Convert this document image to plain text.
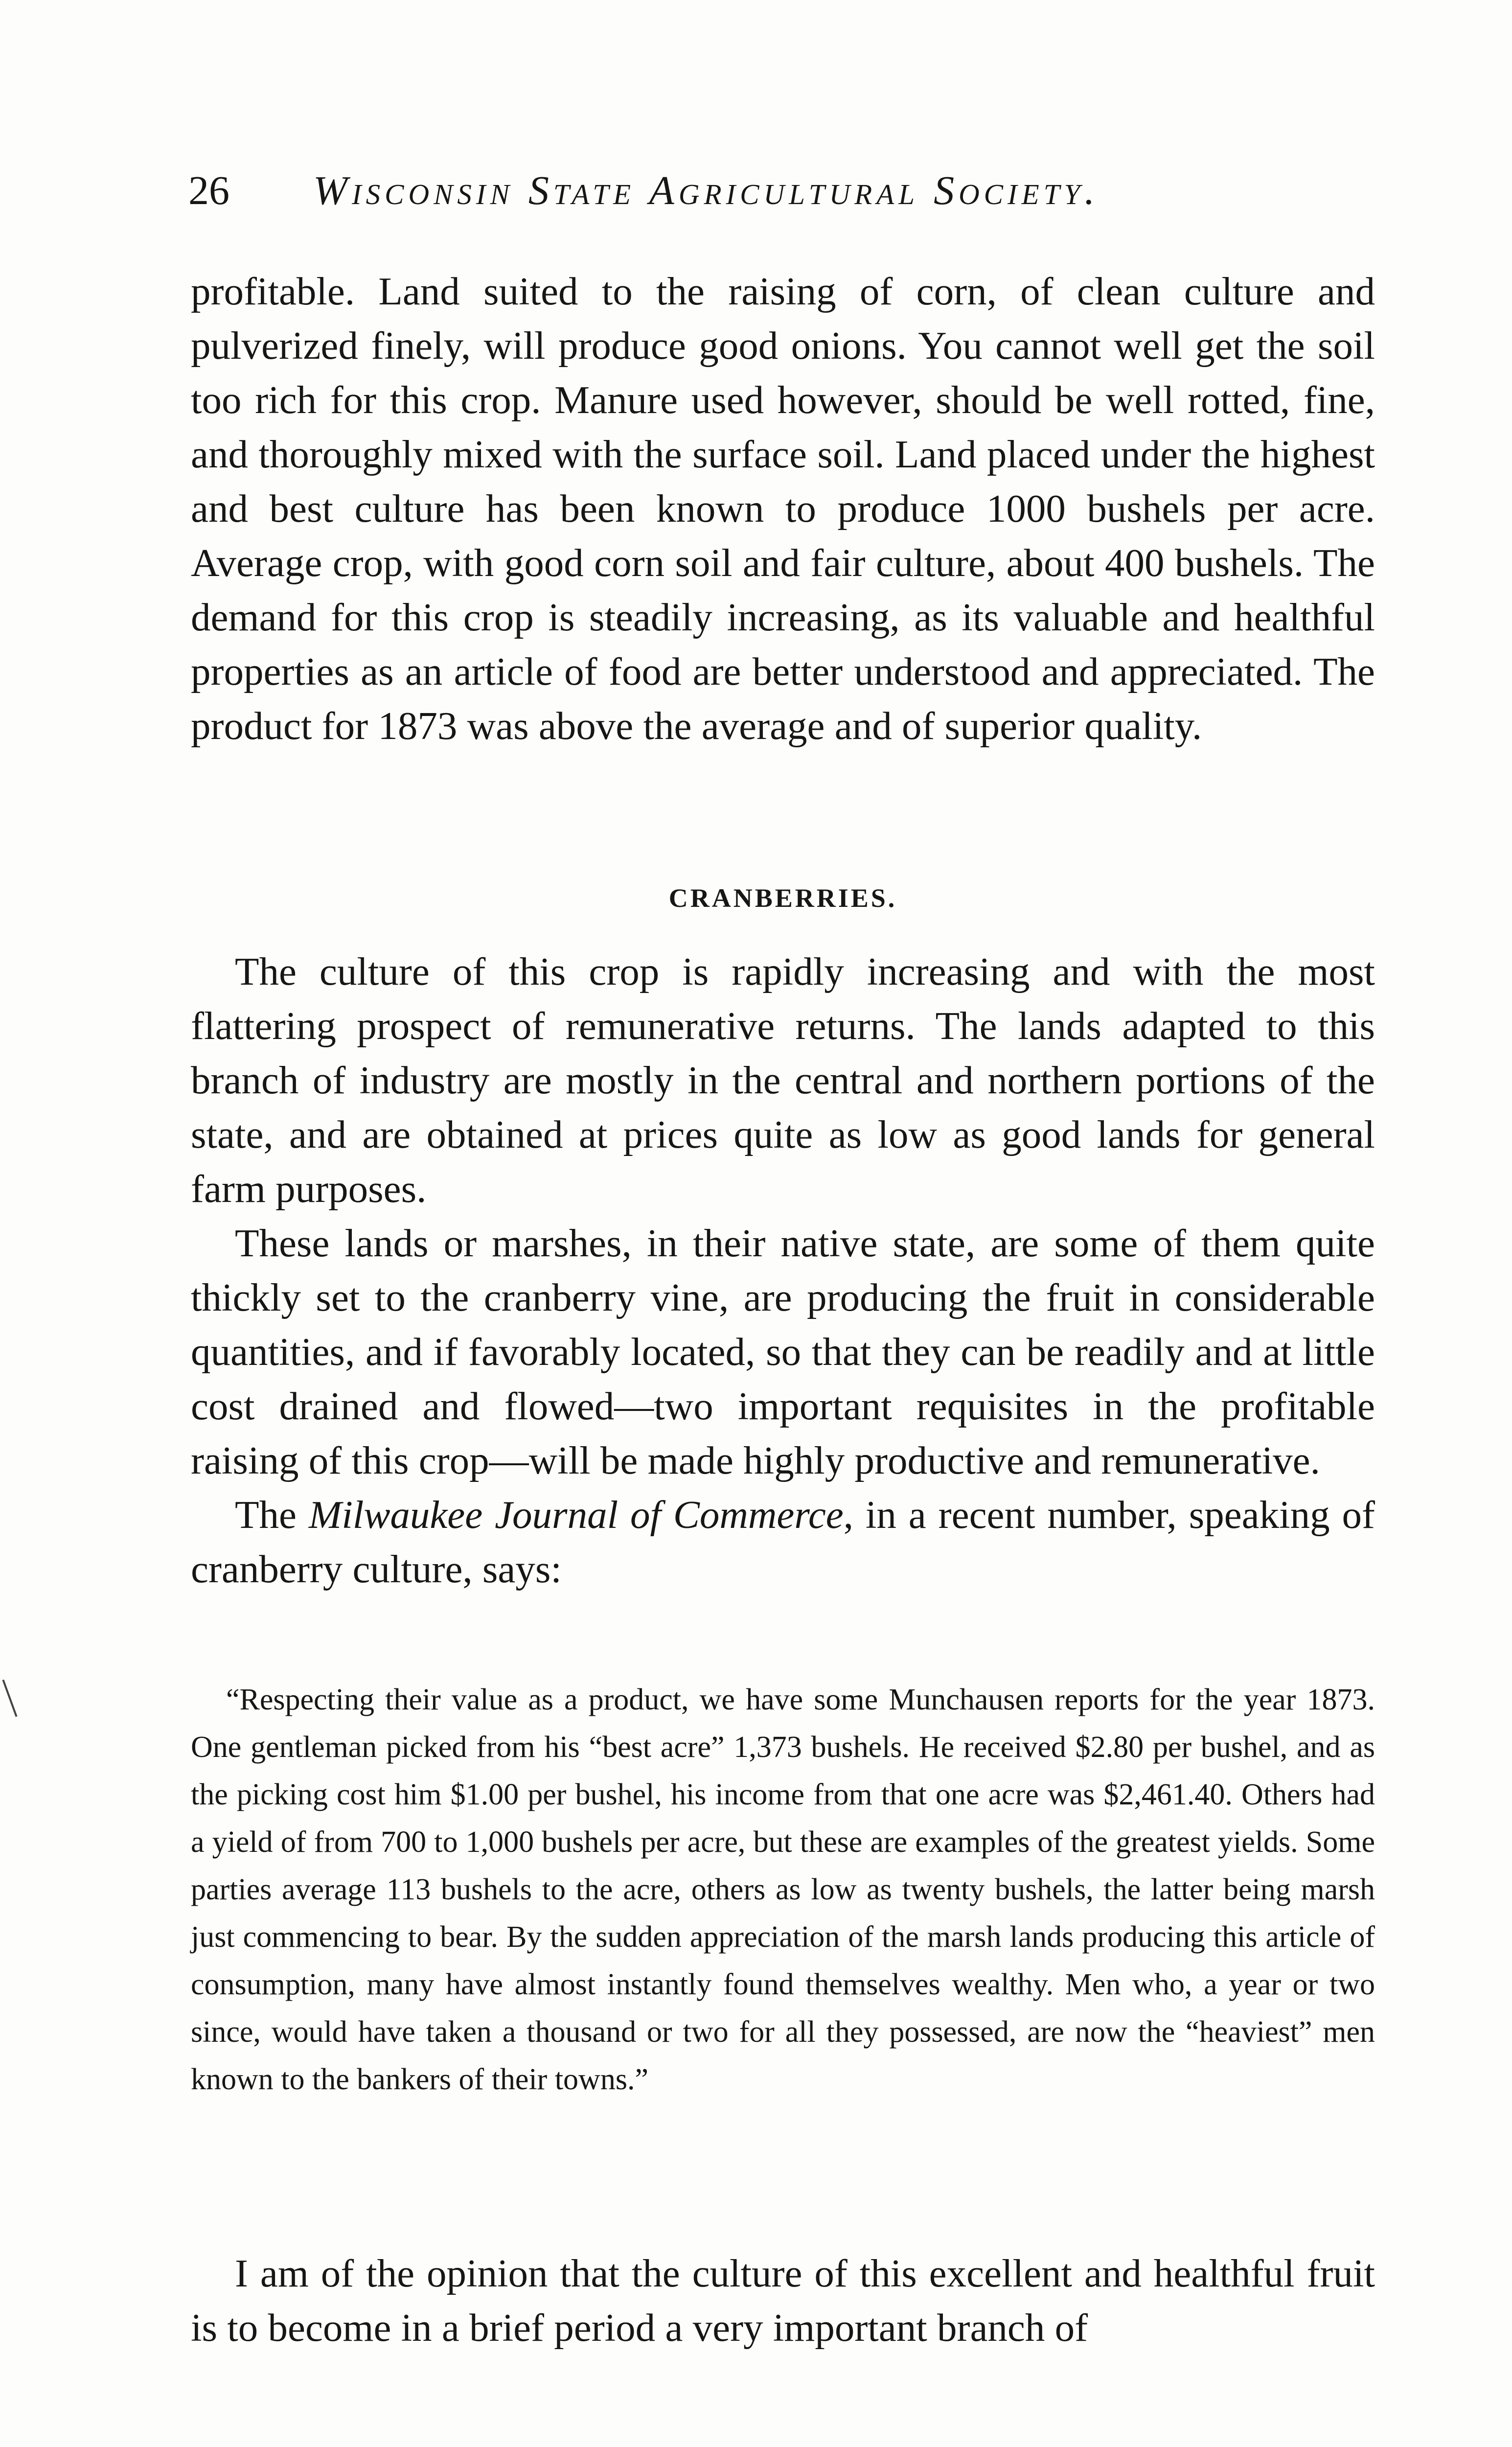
26 Wisconsin State Agricultural Society.

profitable. Land suited to the raising of corn, of clean culture and pulverized finely, will produce good onions. You cannot well get the soil too rich for this crop. Manure used however, should be well rotted, fine, and thoroughly mixed with the surface soil. Land placed under the highest and best culture has been known to produce 1000 bushels per acre. Average crop, with good corn soil and fair culture, about 400 bushels. The demand for this crop is steadily increasing, as its valuable and healthful properties as an article of food are better understood and appreciated. The product for 1873 was above the average and of superior quality.

CRANBERRIES.

The culture of this crop is rapidly increasing and with the most flattering prospect of remunerative returns. The lands adapted to this branch of industry are mostly in the central and northern portions of the state, and are obtained at prices quite as low as good lands for general farm purposes.

These lands or marshes, in their native state, are some of them quite thickly set to the cranberry vine, are producing the fruit in considerable quantities, and if favorably located, so that they can be readily and at little cost drained and flowed—two important requisites in the profitable raising of this crop—will be made highly productive and remunerative.

The Milwaukee Journal of Commerce, in a recent number, speaking of cranberry culture, says:

“Respecting their value as a product, we have some Munchausen reports for the year 1873. One gentleman picked from his “best acre” 1,373 bushels. He received $2.80 per bushel, and as the picking cost him $1.00 per bushel, his income from that one acre was $2,461.40. Others had a yield of from 700 to 1,000 bushels per acre, but these are examples of the greatest yields. Some parties average 113 bushels to the acre, others as low as twenty bushels, the latter being marsh just commencing to bear. By the sudden appreciation of the marsh lands producing this article of consumption, many have almost instantly found themselves wealthy. Men who, a year or two since, would have taken a thousand or two for all they possessed, are now the “heaviest” men known to the bankers of their towns.”

I am of the opinion that the culture of this excellent and healthful fruit is to become in a brief period a very important branch of
